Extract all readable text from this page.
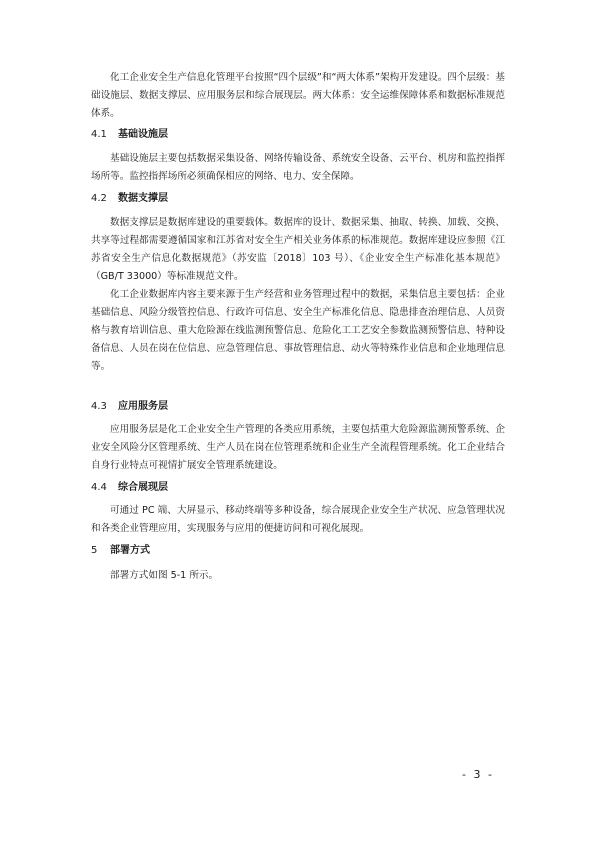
化工企业安全生产信息化管理平台按照“四个层级”和“两大体系”架构开发建设。四个层级：基础设施层、数据支撑层、应用服务层和综合展现层。两大体系：安全运维保障体系和数据标准规范体系。

4.1 基础设施层

基础设施层主要包括数据采集设备、网络传输设备、系统安全设备、云平台、机房和监控指挥场所等。监控指挥场所必须确保相应的网络、电力、安全保障。

4.2 数据支撑层

数据支撑层是数据库建设的重要载体。数据库的设计、数据采集、抽取、转换、加载、交换、共享等过程都需要遵循国家和江苏省对安全生产相关业务体系的标准规范。数据库建设应参照《江苏省安全生产信息化数据规范》（苏安监〔2018〕103 号）、《企业安全生产标准化基本规范》（GB/T 33000）等标准规范文件。

化工企业数据库内容主要来源于生产经营和业务管理过程中的数据，采集信息主要包括：企业基础信息、风险分级管控信息、行政许可信息、安全生产标准化信息、隐患排查治理信息、人员资格与教育培训信息、重大危险源在线监测预警信息、危险化工工艺安全参数监测预警信息、特种设备信息、人员在岗在位信息、应急管理信息、事故管理信息、动火等特殊作业信息和企业地理信息等。

4.3 应用服务层

应用服务层是化工企业安全生产管理的各类应用系统，主要包括重大危险源监测预警系统、企业安全风险分区管理系统、生产人员在岗在位管理系统和企业生产全流程管理系统。化工企业结合自身行业特点可视情扩展安全管理系统建设。

4.4 综合展现层

可通过 PC 端、大屏显示、移动终端等多种设备，综合展现企业安全生产状况、应急管理状况和各类企业管理应用，实现服务与应用的便捷访问和可视化展现。

5 部署方式

部署方式如图 5-1 所示。

- 3 -
